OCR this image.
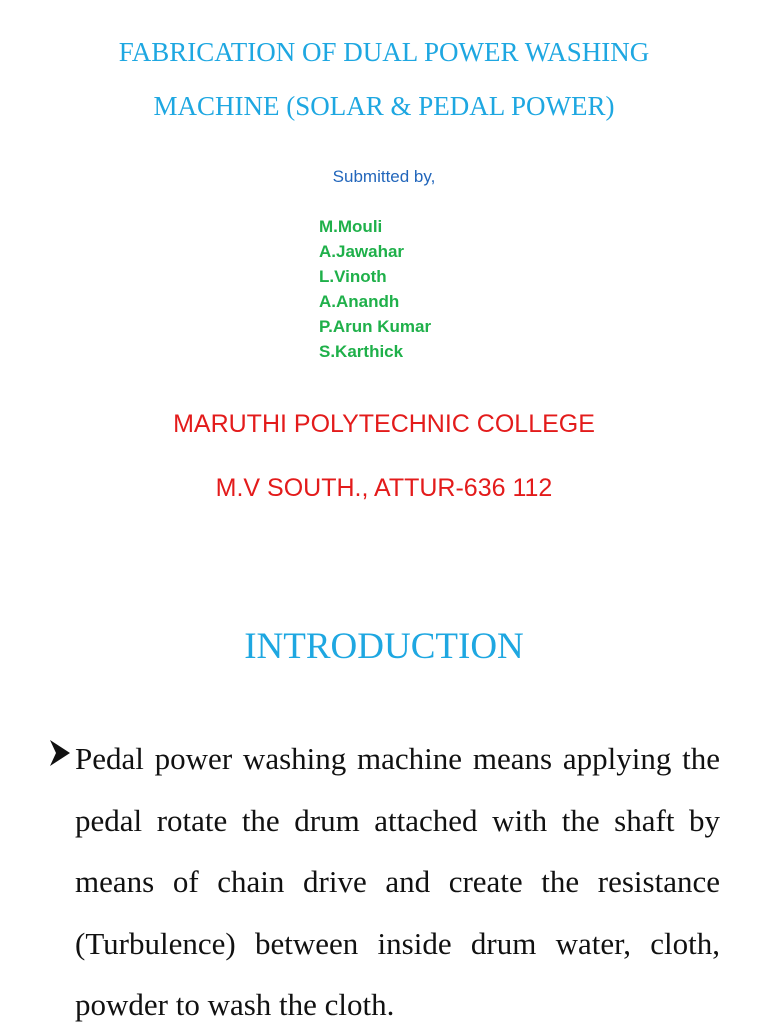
FABRICATION OF DUAL POWER WASHING
MACHINE (SOLAR & PEDAL POWER)
Submitted by,
M.Mouli
A.Jawahar
L.Vinoth
A.Anandh
P.Arun Kumar
S.Karthick
MARUTHI POLYTECHNIC COLLEGE
M.V SOUTH., ATTUR-636 112
INTRODUCTION

Pedal power washing machine means applying the pedal rotate the drum attached with the shaft by means of chain drive and create the resistance (Turbulence) between inside drum water, cloth, powder to wash the cloth.
